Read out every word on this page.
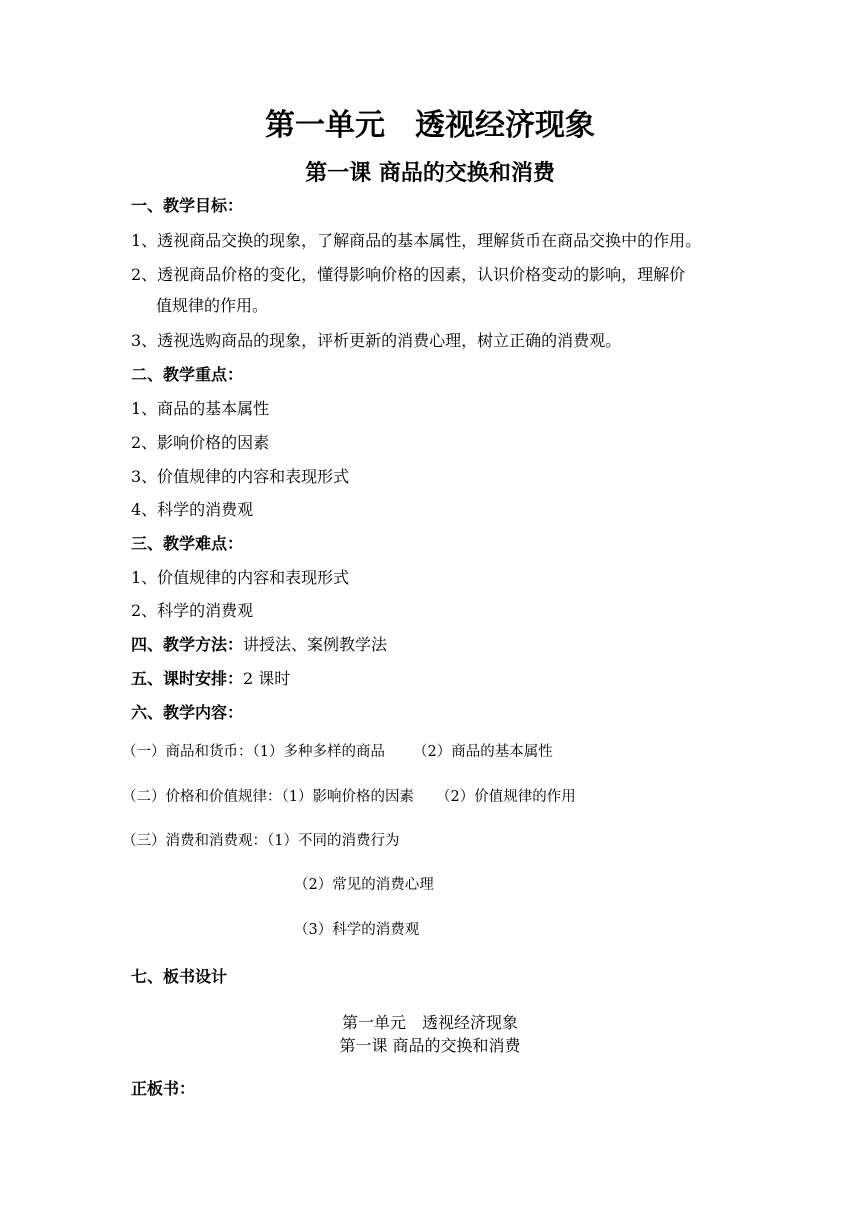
第一单元　透视经济现象
第一课 商品的交换和消费
一、教学目标：
1、透视商品交换的现象，了解商品的基本属性，理解货币在商品交换中的作用。
2、透视商品价格的变化，懂得影响价格的因素，认识价格变动的影响，理解价
值规律的作用。
3、透视选购商品的现象，评析更新的消费心理，树立正确的消费观。
二、教学重点：
1、商品的基本属性
2、影响价格的因素
3、价值规律的内容和表现形式
4、科学的消费观
三、教学难点：
1、价值规律的内容和表现形式
2、科学的消费观
四、教学方法：讲授法、案例教学法
五、课时安排：2 课时
六、教学内容：
（一）商品和货币：（1）多种多样的商品 （2）商品的基本属性
（二）价格和价值规律：（1）影响价格的因素 （2）价值规律的作用
（三）消费和消费观：（1）不同的消费行为
（2）常见的消费心理
（3）科学的消费观
七、板书设计
第一单元　透视经济现象
第一课 商品的交换和消费
正板书：
